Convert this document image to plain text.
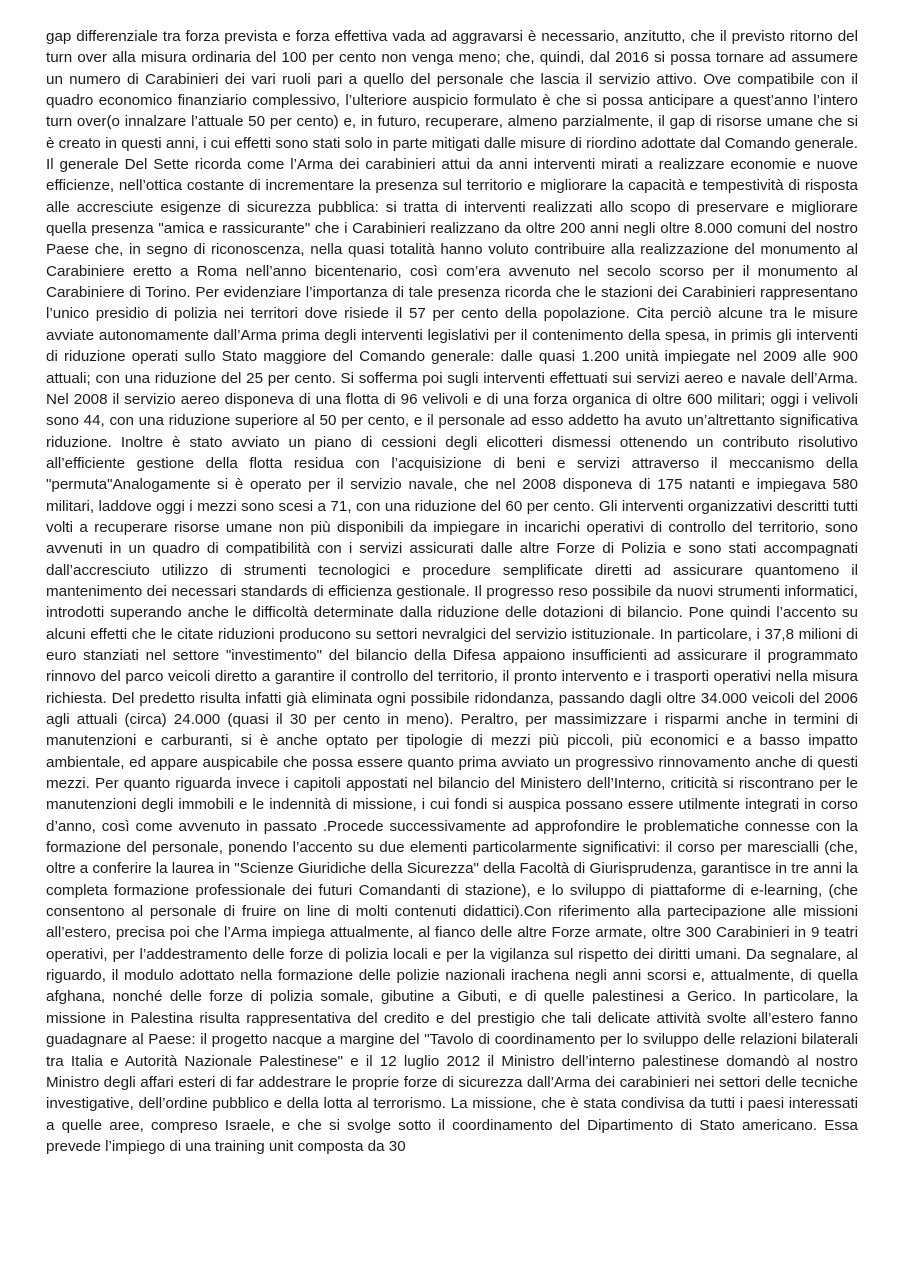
gap differenziale tra forza prevista e forza effettiva vada ad aggravarsi è necessario, anzitutto, che il previsto ritorno del turn over alla misura ordinaria del 100 per cento non venga meno; che, quindi, dal 2016 si possa tornare ad assumere un numero di Carabinieri dei vari ruoli pari a quello del personale che lascia il servizio attivo. Ove compatibile con il quadro economico finanziario complessivo, l’ulteriore auspicio formulato è che si possa anticipare a quest’anno l’intero turn over(o innalzare l’attuale 50 per cento) e, in futuro, recuperare, almeno parzialmente, il gap di risorse umane che si è creato in questi anni, i cui effetti sono stati solo in parte mitigati dalle misure di riordino adottate dal Comando generale. Il generale Del Sette ricorda come l’Arma dei carabinieri attui da anni interventi mirati a realizzare economie e nuove efficienze, nell’ottica costante di incrementare la presenza sul territorio e migliorare la capacità e tempestività di risposta alle accresciute esigenze di sicurezza pubblica: si tratta di interventi realizzati allo scopo di preservare e migliorare quella presenza "amica e rassicurante" che i Carabinieri realizzano da oltre 200 anni negli oltre 8.000 comuni del nostro Paese che, in segno di riconoscenza, nella quasi totalità hanno voluto contribuire alla realizzazione del monumento al Carabiniere eretto a Roma nell’anno bicentenario, così com’era avvenuto nel secolo scorso per il monumento al Carabiniere di Torino. Per evidenziare l’importanza di tale presenza ricorda che le stazioni dei Carabinieri rappresentano l’unico presidio di polizia nei territori dove risiede il 57 per cento della popolazione. Cita perciò alcune tra le misure avviate autonomamente dall’Arma prima degli interventi legislativi per il contenimento della spesa, in primis gli interventi di riduzione operati sullo Stato maggiore del Comando generale: dalle quasi 1.200 unità impiegate nel 2009 alle 900 attuali; con una riduzione del 25 per cento. Si sofferma poi sugli interventi effettuati sui servizi aereo e navale dell’Arma. Nel 2008 il servizio aereo disponeva di una flotta di 96 velivoli e di una forza organica di oltre 600 militari; oggi i velivoli sono 44, con una riduzione superiore al 50 per cento, e il personale ad esso addetto ha avuto un’altrettanto significativa riduzione. Inoltre è stato avviato un piano di cessioni degli elicotteri dismessi ottenendo un contributo risolutivo all’efficiente gestione della flotta residua con l’acquisizione di beni e servizi attraverso il meccanismo della "permuta"Analogamente si è operato per il servizio navale, che nel 2008 disponeva di 175 natanti e impiegava 580 militari, laddove oggi i mezzi sono scesi a 71, con una riduzione del 60 per cento. Gli interventi organizzativi descritti tutti volti a recuperare risorse umane non più disponibili da impiegare in incarichi operativi di controllo del territorio, sono avvenuti in un quadro di compatibilità con i servizi assicurati dalle altre Forze di Polizia e sono stati accompagnati dall’accresciuto utilizzo di strumenti tecnologici e procedure semplificate diretti ad assicurare quantomeno il mantenimento dei necessari standards di efficienza gestionale. Il progresso reso possibile da nuovi strumenti informatici, introdotti superando anche le difficoltà determinate dalla riduzione delle dotazioni di bilancio. Pone quindi l’accento su alcuni effetti che le citate riduzioni producono su settori nevralgici del servizio istituzionale. In particolare, i 37,8 milioni di euro stanziati nel settore "investimento" del bilancio della Difesa appaiono insufficienti ad assicurare il programmato rinnovo del parco veicoli diretto a garantire il controllo del territorio, il pronto intervento e i trasporti operativi nella misura richiesta. Del predetto risulta infatti già eliminata ogni possibile ridondanza, passando dagli oltre 34.000 veicoli del 2006 agli attuali (circa) 24.000 (quasi il 30 per cento in meno). Peraltro, per massimizzare i risparmi anche in termini di manutenzioni e carburanti, si è anche optato per tipologie di mezzi più piccoli, più economici e a basso impatto ambientale, ed appare auspicabile che possa essere quanto prima avviato un progressivo rinnovamento anche di questi mezzi. Per quanto riguarda invece i capitoli appostati nel bilancio del Ministero dell’Interno, criticità si riscontrano per le manutenzioni degli immobili e le indennità di missione, i cui fondi si auspica possano essere utilmente integrati in corso d’anno, così come avvenuto in passato .Procede successivamente ad approfondire le problematiche connesse con la formazione del personale, ponendo l’accento su due elementi particolarmente significativi: il corso per marescialli (che, oltre a conferire la laurea in "Scienze Giuridiche della Sicurezza" della Facoltà di Giurisprudenza, garantisce in tre anni la completa formazione professionale dei futuri Comandanti di stazione), e lo sviluppo di piattaforme di e-learning, (che consentono al personale di fruire on line di molti contenuti didattici).Con riferimento alla partecipazione alle missioni all’estero, precisa poi che l’Arma impiega attualmente, al fianco delle altre Forze armate, oltre 300 Carabinieri in 9 teatri operativi, per l’addestramento delle forze di polizia locali e per la vigilanza sul rispetto dei diritti umani. Da segnalare, al riguardo, il modulo adottato nella formazione delle polizie nazionali irachena negli anni scorsi e, attualmente, di quella afghana, nonché delle forze di polizia somale, gibutine a Gibuti, e di quelle palestinesi a Gerico. In particolare, la missione in Palestina risulta rappresentativa del credito e del prestigio che tali delicate attività svolte all’estero fanno guadagnare al Paese: il progetto nacque a margine del "Tavolo di coordinamento per lo sviluppo delle relazioni bilaterali tra Italia e Autorità Nazionale Palestinese" e il 12 luglio 2012 il Ministro dell’interno palestinese domandò al nostro Ministro degli affari esteri di far addestrare le proprie forze di sicurezza dall’Arma dei carabinieri nei settori delle tecniche investigative, dell’ordine pubblico e della lotta al terrorismo. La missione, che è stata condivisa da tutti i paesi interessati a quelle aree, compreso Israele, e che si svolge sotto il coordinamento del Dipartimento di Stato americano. Essa prevede l’impiego di una training unit composta da 30
